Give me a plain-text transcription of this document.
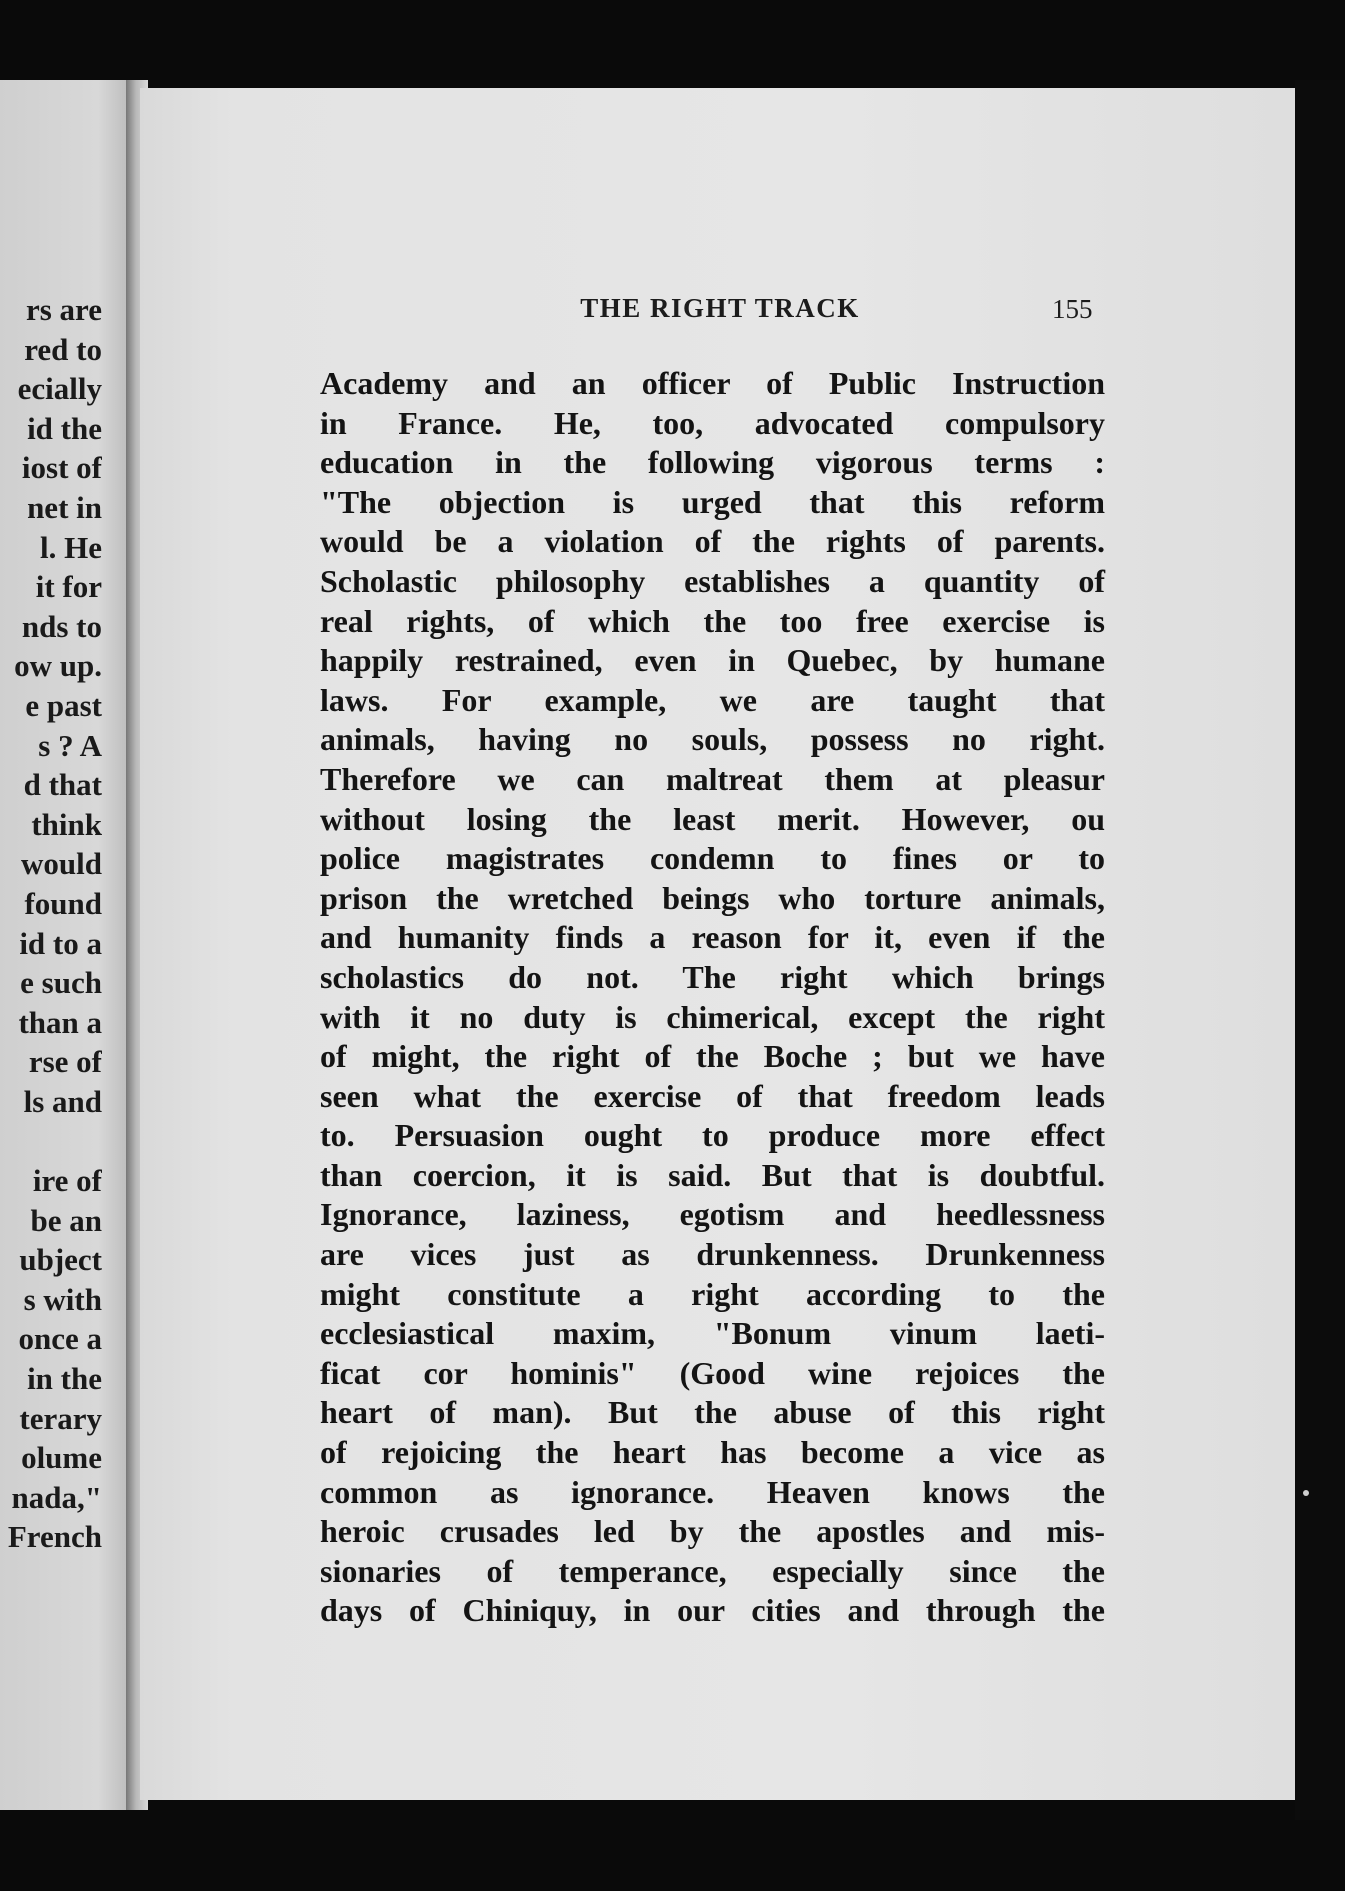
rs are
red to
ecially
id the
iost of
net in
l. He
it for
nds to
ow up.
e past
s ? A
d that
think
would
found
id to a
e such
than a
rse of
ls and
ire of
be an
ubject
s with
once a
in the
terary
olume
nada,"
French
THE RIGHT TRACK	155
Academy and an officer of Public Instruction
in France. He, too, advocated compulsory
education in the following vigorous terms :
"The objection is urged that this reform
would be a violation of the rights of parents.
Scholastic philosophy establishes a quantity of
real rights, of which the too free exercise is
happily restrained, even in Quebec, by humane
laws. For example, we are taught that
animals, having no souls, possess no right.
Therefore we can maltreat them at pleasur
without losing the least merit. However, ou
police magistrates condemn to fines or to
prison the wretched beings who torture animals,
and humanity finds a reason for it, even if the
scholastics do not. The right which brings
with it no duty is chimerical, except the right
of might, the right of the Boche ; but we have
seen what the exercise of that freedom leads
to. Persuasion ought to produce more effect
than coercion, it is said. But that is doubtful.
Ignorance, laziness, egotism and heedlessness
are vices just as drunkenness. Drunkenness
might constitute a right according to the
ecclesiastical maxim, "Bonum vinum laeti-
ficat cor hominis" (Good wine rejoices the
heart of man). But the abuse of this right
of rejoicing the heart has become a vice as
common as ignorance. Heaven knows the
heroic crusades led by the apostles and mis-
sionaries of temperance, especially since the
days of Chiniquy, in our cities and through the
